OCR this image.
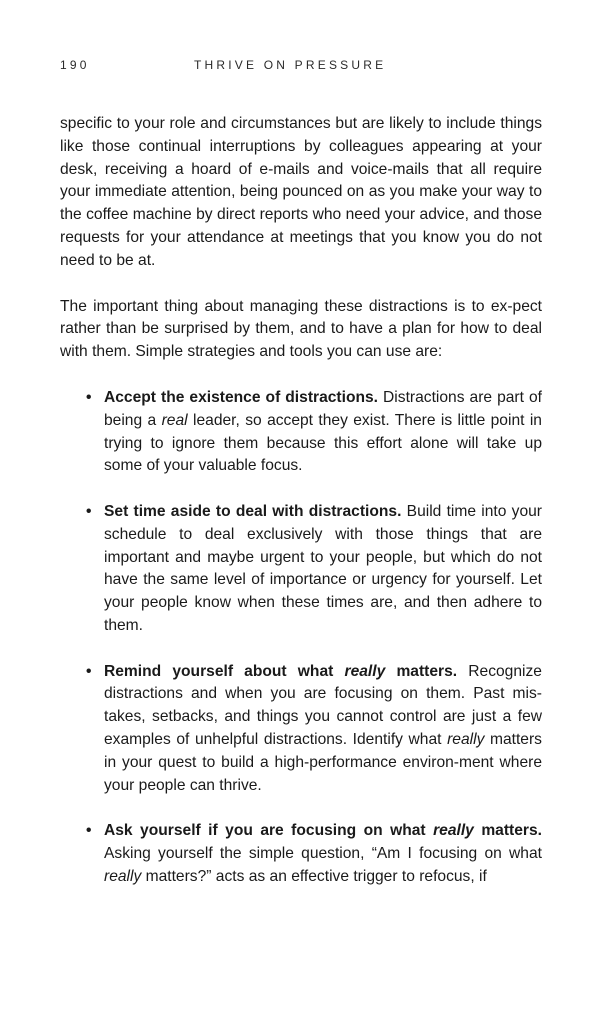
190	THRIVE ON PRESSURE

specific to your role and circumstances but are likely to include things like those continual interruptions by colleagues appearing at your desk, receiving a hoard of e-mails and voice-mails that all require your immediate attention, being pounced on as you make your way to the coffee machine by direct reports who need your advice, and those requests for your attendance at meetings that you know you do not need to be at.

The important thing about managing these distractions is to ex-pect rather than be surprised by them, and to have a plan for how to deal with them. Simple strategies and tools you can use are:

• Accept the existence of distractions. Distractions are part of being a real leader, so accept they exist. There is little point in trying to ignore them because this effort alone will take up some of your valuable focus.
• Set time aside to deal with distractions. Build time into your schedule to deal exclusively with those things that are important and maybe urgent to your people, but which do not have the same level of importance or urgency for yourself. Let your people know when these times are, and then adhere to them.
• Remind yourself about what really matters. Recognize distractions and when you are focusing on them. Past mis-takes, setbacks, and things you cannot control are just a few examples of unhelpful distractions. Identify what really matters in your quest to build a high-performance environ-ment where your people can thrive.
• Ask yourself if you are focusing on what really matters. Asking yourself the simple question, “Am I focusing on what really matters?” acts as an effective trigger to refocus, if
